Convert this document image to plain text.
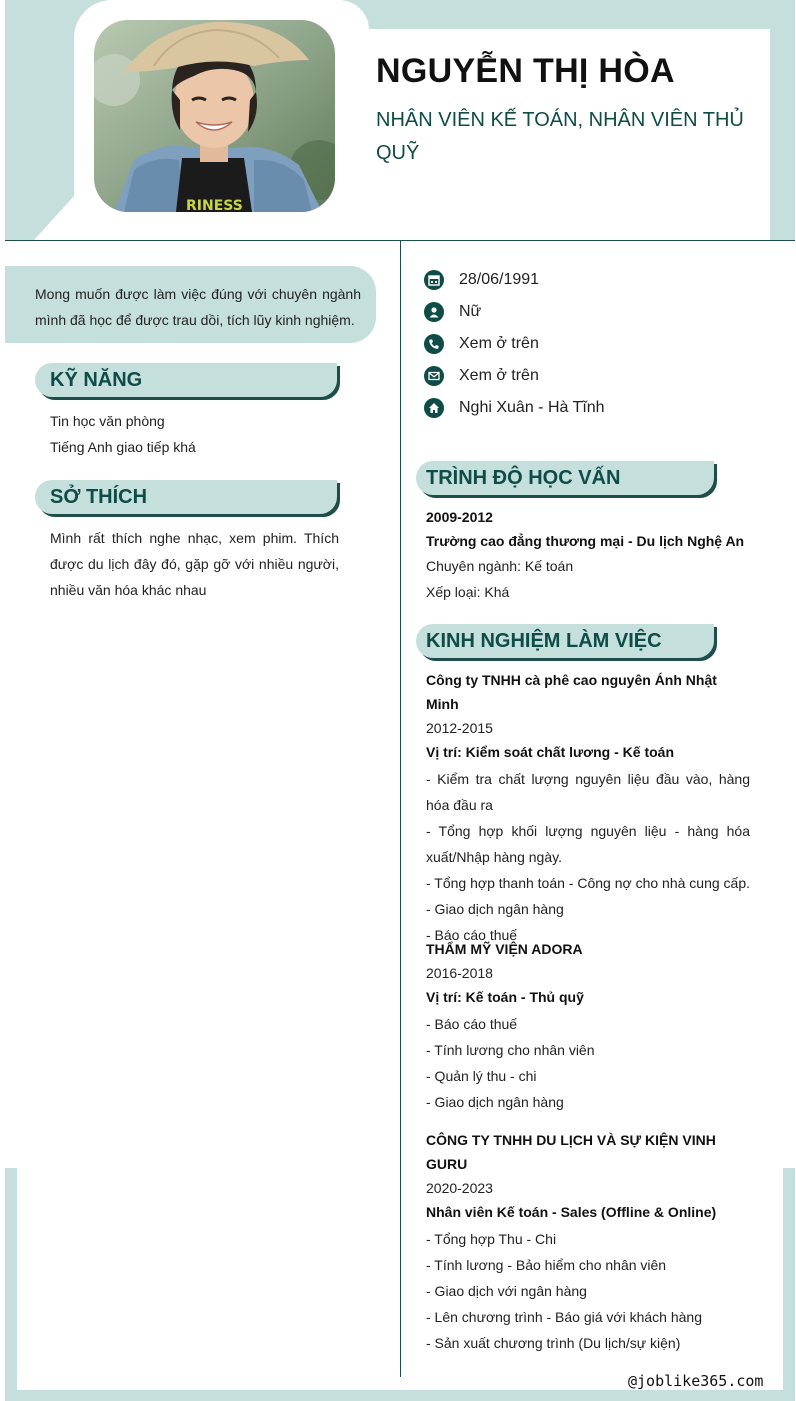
RINESS
NGUYỄN THỊ HÒA
NHÂN VIÊN KẾ TOÁN, NHÂN VIÊN THỦ QUỸ

Mong muốn được làm việc đúng với chuyên ngành mình đã học để được trau dồi, tích lũy kinh nghiệm.

KỸ NĂNG
Tin học văn phòng
Tiếng Anh giao tiếp khá
SỞ THÍCH

Mình rất thích nghe nhạc, xem phim. Thích được du lịch đây đó, gặp gỡ với nhiều người, nhiều văn hóa khác nhau

28/06/1991
Nữ
Xem ở trên
Xem ở trên
Nghi Xuân - Hà Tĩnh
TRÌNH ĐỘ HỌC VẤN
2009-2012
Trường cao đẳng thương mại - Du lịch Nghệ An
Chuyên ngành: Kế toán
Xếp loại: Khá
KINH NGHIỆM LÀM VIỆC
Công ty TNHH cà phê cao nguyên Ánh Nhật Minh
2012-2015
Vị trí: Kiểm soát chất lương - Kế toán
- Kiểm tra chất lượng nguyên liệu đầu vào, hàng hóa đầu ra
- Tổng hợp khối lượng nguyên liệu - hàng hóa xuất/Nhập hàng ngày.
- Tổng hợp thanh toán - Công nợ cho nhà cung cấp.
- Giao dịch ngân hàng
- Báo cáo thuế
THẨM MỸ VIỆN ADORA
2016-2018
Vị trí: Kế toán - Thủ quỹ
- Báo cáo thuế
- Tính lương cho nhân viên
- Quản lý thu - chi
- Giao dịch ngân hàng
CÔNG TY TNHH DU LỊCH VÀ SỰ KIỆN VINH GURU
2020-2023
Nhân viên Kế toán - Sales (Offline & Online)
- Tổng hợp Thu - Chi
- Tính lương - Bảo hiểm cho nhân viên
- Giao dịch với ngân hàng
- Lên chương trình - Báo giá với khách hàng
- Sản xuất chương trình (Du lịch/sự kiện)
@joblike365.com
